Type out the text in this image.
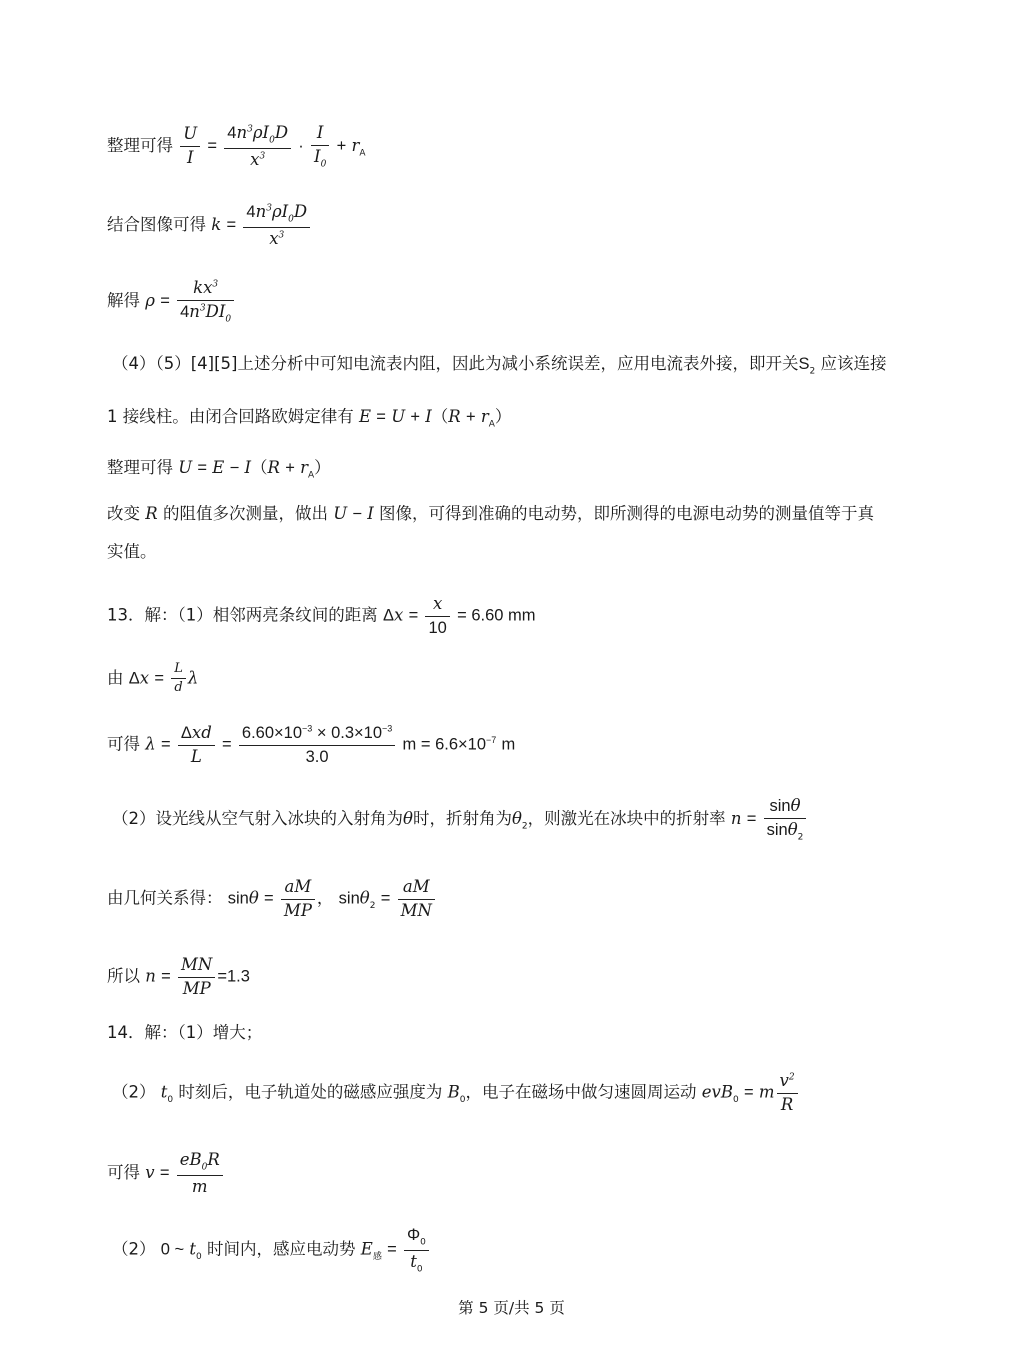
整理可得 $\frac{U}{I} = \frac{4n^3\rho I_0D}{x^3} \cdot \frac{I}{I_0} + r_A$
结合图像可得 $k = \frac{4n^3\rho I_0D}{x^3}$
解得 $\rho = \frac{kx^3}{4n^3DI_0}$
（4）（5）[4][5]上述分析中可知电流表内阻，因此为减小系统误差，应用电流表外接，即开关$S_2$ 应该连接
1 接线柱。由闭合回路欧姆定律有 $E = U + I(R + r_A)$
整理可得 $U = E - I(R + r_A)$
改变 R 的阻值多次测量，做出 U − I 图像，可得到准确的电动势，即所测得的电源电动势的测量值等于真
实值。
13．解：（1）相邻两亮条纹间的距离 $\Delta x = \frac{x}{10} = 6.60$ mm
由 $\Delta x = \frac{L}{d}$ λ
可得 $\lambda = \frac{\text{Δxd}}{L} = \frac{6.60\times 10^{-3} \times 0.3\times 10^{-3}}{3.0}$ $m = 6.6\times 10^{-7}$ m
（2）设光线从空气射入冰块的入射角为θ时，折射角为$\theta_2$，则激光在冰块中的折射率 $n = \frac{\sin\theta}{\sin\theta_2}$
由几何关系得： $\sin\theta = \frac{aM}{MP}$ ， $\sin\theta_2 = \frac{aM}{MN}$
所以 $n = \frac{MN}{MP} =1.3$
14．解：（1）增大；
（2） $t_0$ 时刻后，电子轨道处的磁感应强度为 $B_0$，电子在磁场中做匀速圆周运动 evB$_0$ = m $\frac{v^2}{R}$
可得 $v = \frac{eB_0R}{m}$
（2） 0 ~ $t_0$ 时间内，感应电动势 $E_感 = \frac{\Phi_0}{t_0}$
第 5 页/共 5 页
